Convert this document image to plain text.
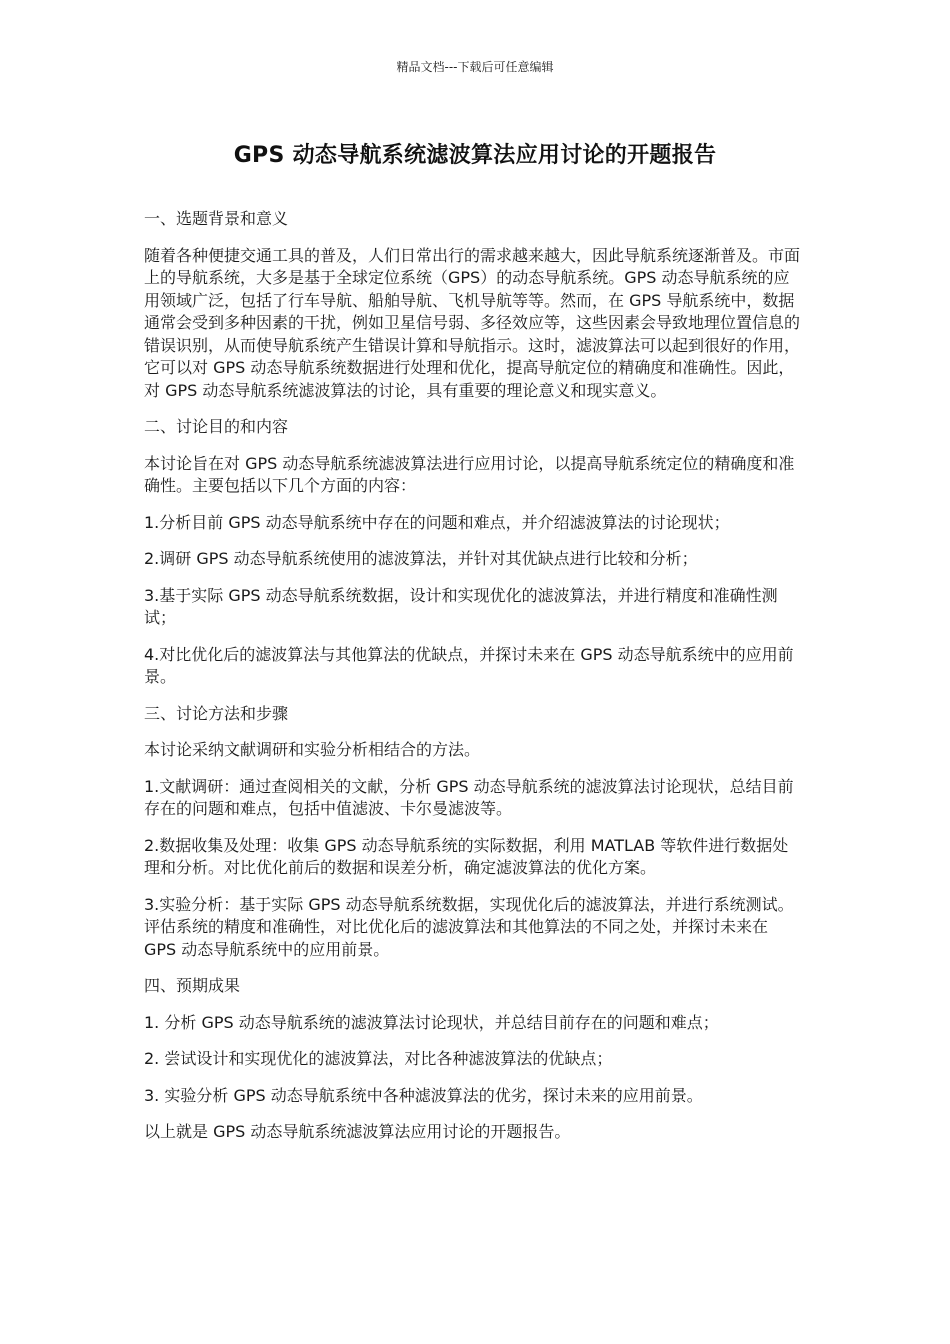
精品文档---下载后可任意编辑
GPS 动态导航系统滤波算法应用讨论的开题报告

一、选题背景和意义

随着各种便捷交通工具的普及，人们日常出行的需求越来越大，因此导航系统逐渐普及。市面上的导航系统，大多是基于全球定位系统（GPS）的动态导航系统。GPS 动态导航系统的应用领域广泛，包括了行车导航、船舶导航、飞机导航等等。然而，在 GPS 导航系统中，数据通常会受到多种因素的干扰，例如卫星信号弱、多径效应等，这些因素会导致地理位置信息的错误识别，从而使导航系统产生错误计算和导航指示。这时，滤波算法可以起到很好的作用，它可以对 GPS 动态导航系统数据进行处理和优化，提高导航定位的精确度和准确性。因此，对 GPS 动态导航系统滤波算法的讨论，具有重要的理论意义和现实意义。

二、讨论目的和内容

本讨论旨在对 GPS 动态导航系统滤波算法进行应用讨论，以提高导航系统定位的精确度和准确性。主要包括以下几个方面的内容：

1.分析目前 GPS 动态导航系统中存在的问题和难点，并介绍滤波算法的讨论现状；

2.调研 GPS 动态导航系统使用的滤波算法，并针对其优缺点进行比较和分析；

3.基于实际 GPS 动态导航系统数据，设计和实现优化的滤波算法，并进行精度和准确性测试；

4.对比优化后的滤波算法与其他算法的优缺点，并探讨未来在 GPS 动态导航系统中的应用前景。

三、讨论方法和步骤

本讨论采纳文献调研和实验分析相结合的方法。

1.文献调研：通过查阅相关的文献，分析 GPS 动态导航系统的滤波算法讨论现状，总结目前存在的问题和难点，包括中值滤波、卡尔曼滤波等。

2.数据收集及处理：收集 GPS 动态导航系统的实际数据，利用 MATLAB 等软件进行数据处理和分析。对比优化前后的数据和误差分析，确定滤波算法的优化方案。

3.实验分析：基于实际 GPS 动态导航系统数据，实现优化后的滤波算法，并进行系统测试。评估系统的精度和准确性，对比优化后的滤波算法和其他算法的不同之处，并探讨未来在 GPS 动态导航系统中的应用前景。

四、预期成果

1. 分析 GPS 动态导航系统的滤波算法讨论现状，并总结目前存在的问题和难点；

2. 尝试设计和实现优化的滤波算法，对比各种滤波算法的优缺点；

3. 实验分析 GPS 动态导航系统中各种滤波算法的优劣，探讨未来的应用前景。

以上就是 GPS 动态导航系统滤波算法应用讨论的开题报告。
